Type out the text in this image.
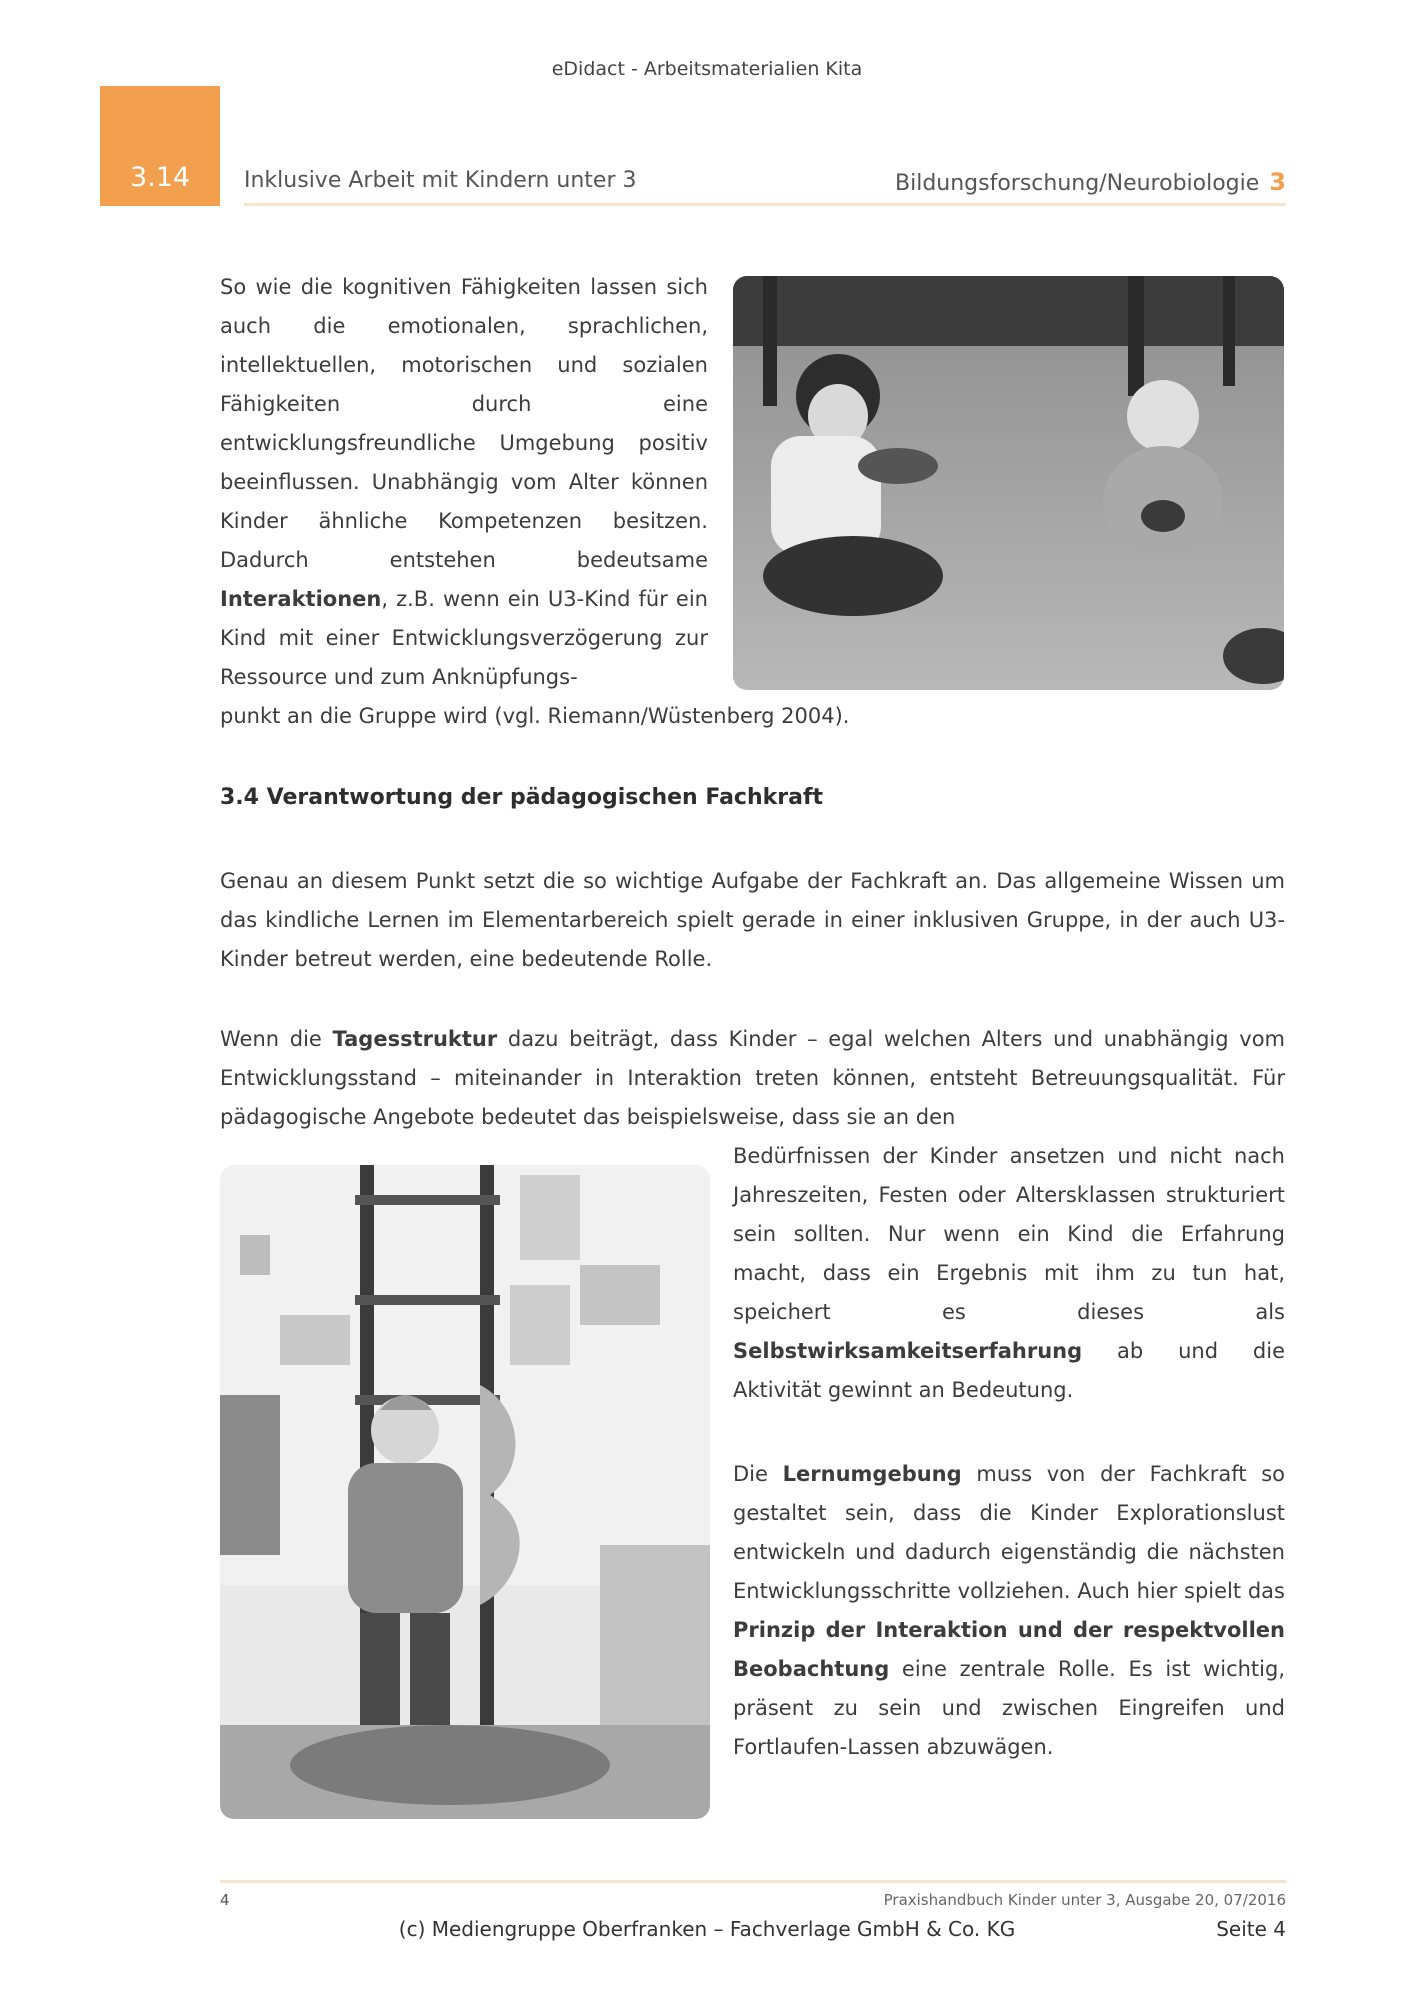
eDidact - Arbeitsmaterialien Kita
3.14	Inklusive Arbeit mit Kindern unter 3	Bildungsforschung/Neurobiologie 3
So wie die kognitiven Fähigkeiten lassen sich auch die emotionalen, sprachlichen, intellektuellen, motorischen und sozialen Fähigkeiten durch eine entwicklungsfreundliche Umgebung positiv beeinflussen. Unabhängig vom Alter können Kinder ähnliche Kompetenzen besitzen. Dadurch entstehen bedeutsame Interaktionen, z.B. wenn ein U3-Kind für ein Kind mit einer Entwicklungsverzögerung zur Ressource und zum Anknüpfungs-
punkt an die Gruppe wird (vgl. Riemann/Wüstenberg 2004).
3.4 Verantwortung der pädagogischen Fachkraft
Genau an diesem Punkt setzt die so wichtige Aufgabe der Fachkraft an. Das allgemeine Wissen um das kindliche Lernen im Elementarbereich spielt gerade in einer inklusiven Gruppe, in der auch U3-Kinder betreut werden, eine bedeutende Rolle.
Wenn die Tagesstruktur dazu beiträgt, dass Kinder – egal welchen Alters und unabhängig vom Entwicklungsstand – miteinander in Interaktion treten können, entsteht Betreuungsqualität. Für pädagogische Angebote bedeutet das beispielsweise, dass sie an den
Bedürfnissen der Kinder ansetzen und nicht nach Jahreszeiten, Festen oder Altersklassen strukturiert sein sollten. Nur wenn ein Kind die Erfahrung macht, dass ein Ergebnis mit ihm zu tun hat, speichert es dieses als Selbstwirksamkeitserfahrung ab und die Aktivität gewinnt an Bedeutung.
Die Lernumgebung muss von der Fachkraft so gestaltet sein, dass die Kinder Explorationslust entwickeln und dadurch eigenständig die nächsten Entwicklungsschritte vollziehen. Auch hier spielt das Prinzip der Interaktion und der respektvollen Beobachtung eine zentrale Rolle. Es ist wichtig, präsent zu sein und zwischen Eingreifen und Fortlaufen-Lassen abzuwägen.
4	Praxishandbuch Kinder unter 3, Ausgabe 20, 07/2016
(c) Mediengruppe Oberfranken – Fachverlage GmbH & Co. KG	Seite 4
